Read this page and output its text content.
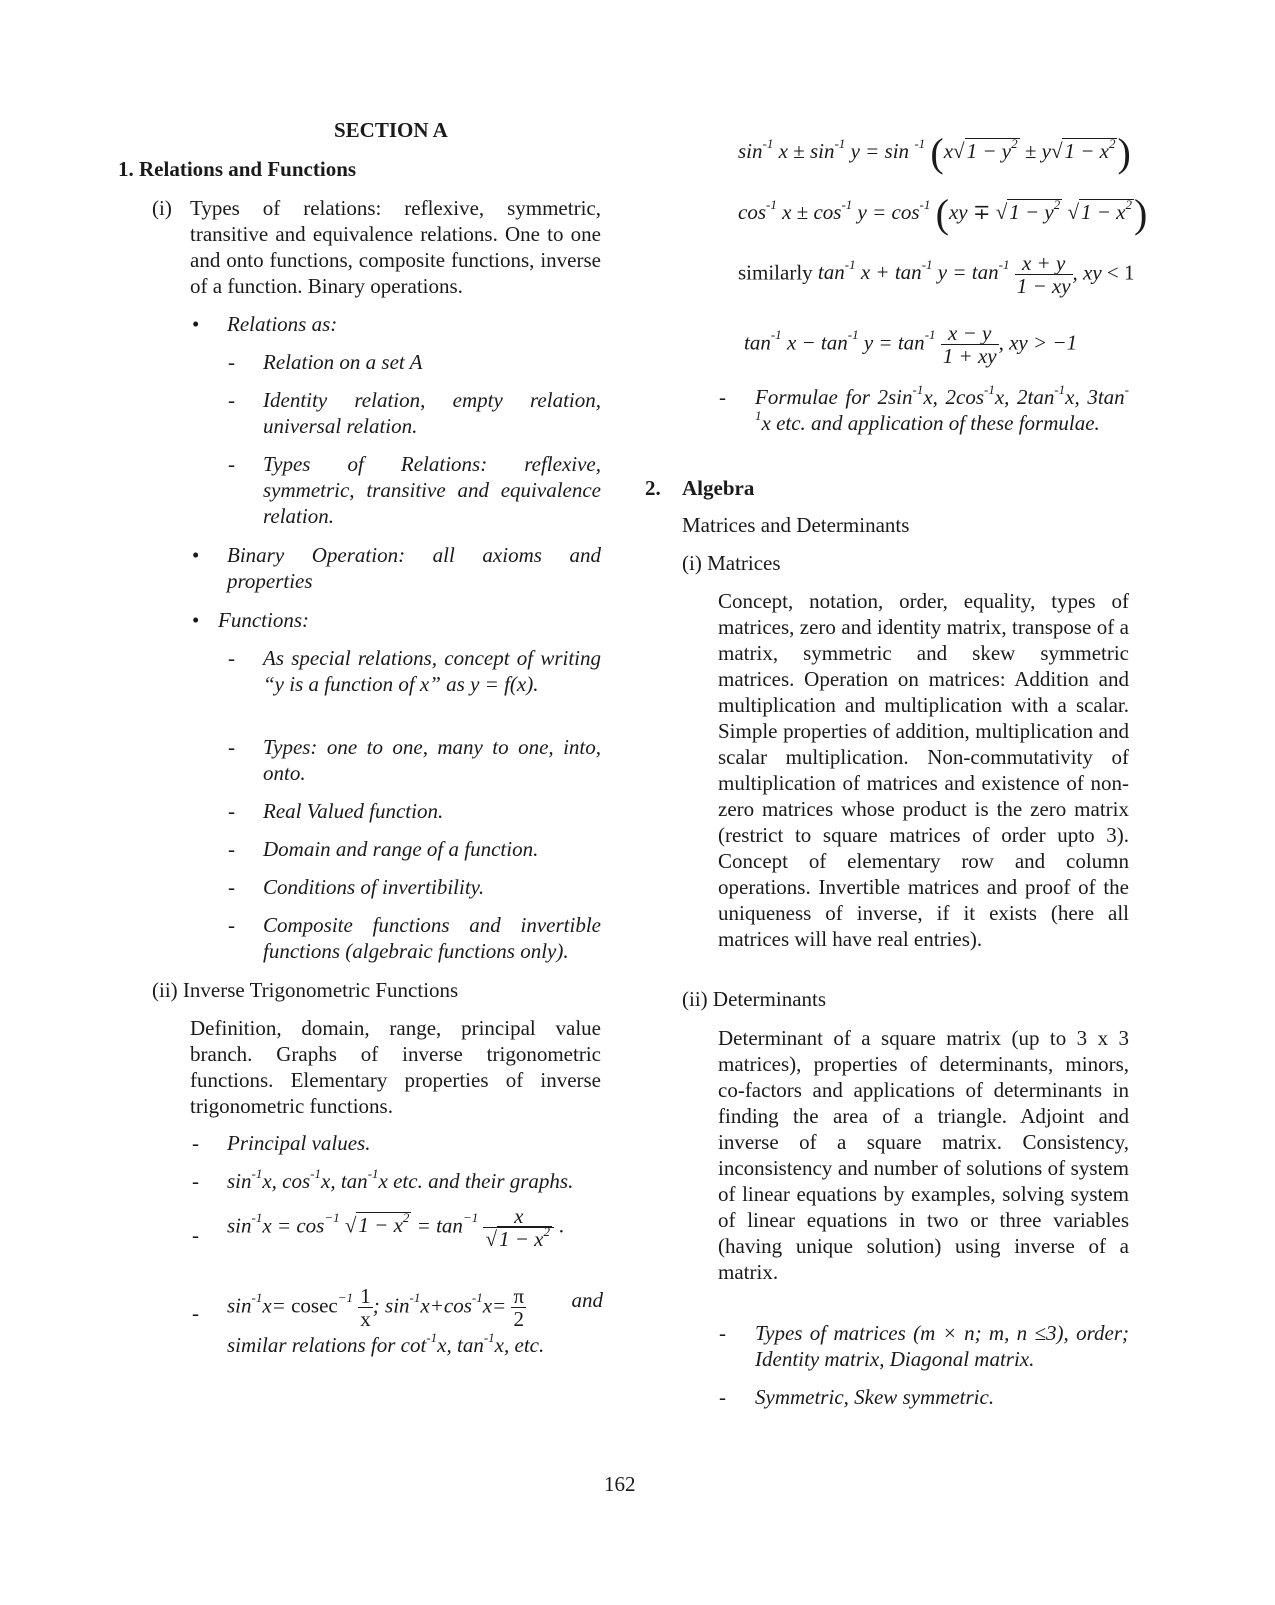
SECTION A
1. Relations and Functions
(i) Types of relations: reflexive, symmetric, transitive and equivalence relations. One to one and onto functions, composite functions, inverse of a function. Binary operations.
• Relations as:
- Relation on a set A
- Identity relation, empty relation, universal relation.
- Types of Relations: reflexive, symmetric, transitive and equivalence relation.
• Binary Operation: all axioms and properties
• Functions:
- As special relations, concept of writing “y is a function of x” as y = f(x).
- Types: one to one, many to one, into, onto.
- Real Valued function.
- Domain and range of a function.
- Conditions of invertibility.
- Composite functions and invertible functions (algebraic functions only).
(ii) Inverse Trigonometric Functions
Definition, domain, range, principal value branch. Graphs of inverse trigonometric functions. Elementary properties of inverse trigonometric functions.
- Principal values.
- $\sin^{-1}x$, $\cos^{-1}x$, $\tan^{-1}x$ etc. and their graphs.
- $\sin^{-1}x = \cos^{-1} √1 - x^2 = \tan^{-1} \frac{x}{√1 - x^2}$ .
- $\sin^{-1}x= cosec^{-1} \frac{1}{x}$ ; $\sin^{-1}x+\cos^{-1}x= \frac{\pi}{2}$ and

similar relations for $\cot^{-1}x$, $\tan^{-1}x$, etc.
$\sin^{-1} x \pm \sin^{-1} y = \sin ^{-1}$ $(x√1 - y^2 \pm y√1 - x^2)$
$\cos^{-1} x \pm \cos^{-1} y = \cos^{-1} (xy \mp √1 - y^2$ $√1 - x^2$)
similarly $\tan^{-1} x + \tan^{-1} y = \tan^{-1} \frac{x + y}{1 - xy}$ , xy < 1
$\tan^{-1} x - \tan^{-1} y = \tan^{-1} \frac{x - y}{1 + xy}$ , xy > −1
- Formulae for $2\sin^{-1}x$, $2\cos^{-1}x$, $2\tan^{-1}x$, $3\tan^{-1}x$ etc. and application of these formulae.
2. Algebra
Matrices and Determinants
(i) Matrices
Concept, notation, order, equality, types of matrices, zero and identity matrix, transpose of a matrix, symmetric and skew symmetric matrices. Operation on matrices: Addition and multiplication and multiplication with a scalar. Simple properties of addition, multiplication and scalar multiplication. Non-commutativity of multiplication of matrices and existence of non-zero matrices whose product is the zero matrix (restrict to square matrices of order upto 3). Concept of elementary row and column operations. Invertible matrices and proof of the uniqueness of inverse, if it exists (here all matrices will have real entries).
(ii) Determinants
Determinant of a square matrix (up to 3 x 3 matrices), properties of determinants, minors, co-factors and applications of determinants in finding the area of a triangle. Adjoint and inverse of a square matrix. Consistency, inconsistency and number of solutions of system of linear equations by examples, solving system of linear equations in two or three variables (having unique solution) using inverse of a matrix.
- Types of matrices (m × n; m, n ≤3), order; Identity matrix, Diagonal matrix.
- Symmetric, Skew symmetric.
162
